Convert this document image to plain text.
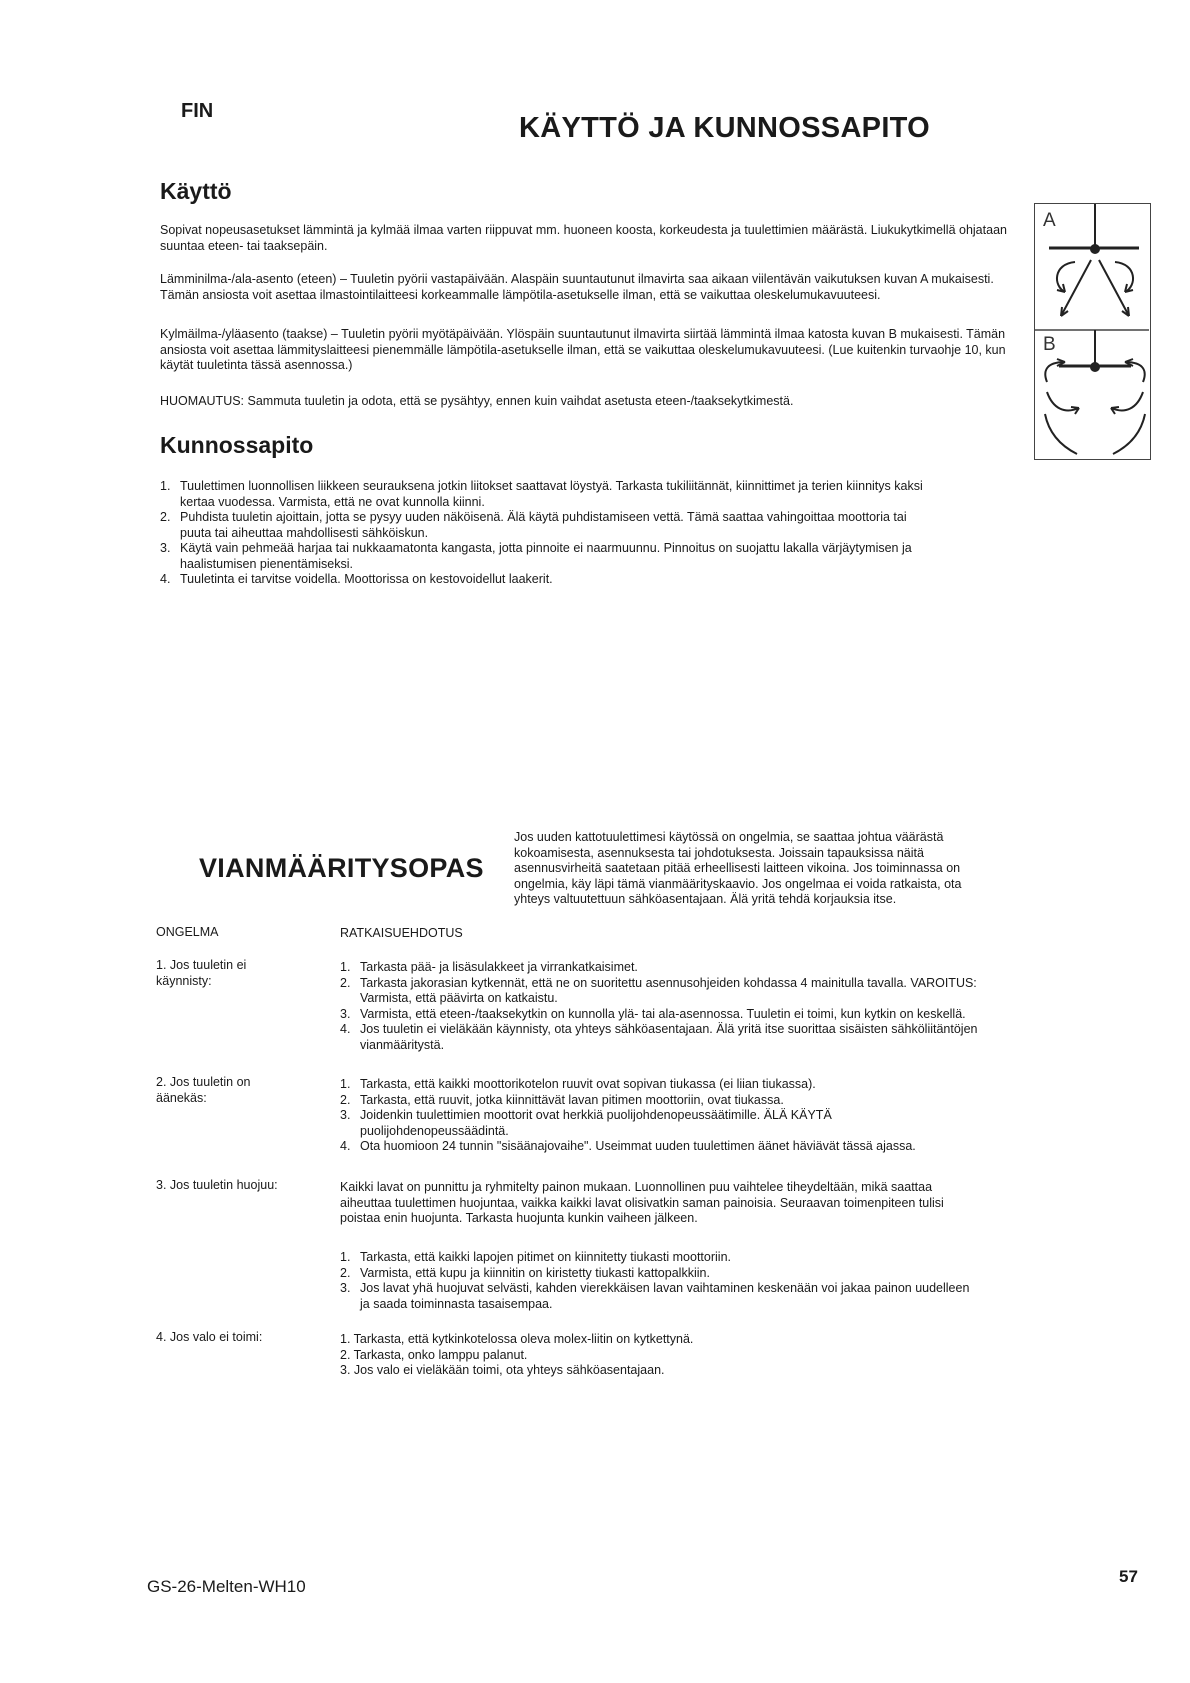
FIN
KÄYTTÖ JA KUNNOSSAPITO
Käyttö
Sopivat nopeusasetukset lämmintä ja kylmää ilmaa varten riippuvat mm. huoneen koosta, korkeudesta ja tuulettimien määrästä. Liukukytkimellä ohjataan suuntaa eteen- tai taaksepäin.
Lämminilma-/ala-asento (eteen) – Tuuletin pyörii vastapäivään. Alaspäin suuntautunut ilmavirta saa aikaan viilentävän vaikutuksen kuvan A mukaisesti. Tämän ansiosta voit asettaa ilmastointilaitteesi korkeammalle lämpötila-asetukselle ilman, että se vaikuttaa oleskelumukavuuteesi.
Kylmäilma-/yläasento (taakse) – Tuuletin pyörii myötäpäivään. Ylöspäin suuntautunut ilmavirta siirtää lämmintä ilmaa katosta kuvan B mukaisesti. Tämän ansiosta voit asettaa lämmityslaitteesi pienemmälle lämpötila-asetukselle ilman, että se vaikuttaa oleskelumukavuuteesi. (Lue kuitenkin turvaohje 10, kun käytät tuuletinta tässä asennossa.)
HUOMAUTUS: Sammuta tuuletin ja odota, että se pysähtyy, ennen kuin vaihdat asetusta eteen-/taaksekytkimestä.
A
B
Kunnossapito
1. Tuulettimen luonnollisen liikkeen seurauksena jotkin liitokset saattavat löystyä. Tarkasta tukiliitännät, kiinnittimet ja terien kiinnitys kaksi kertaa vuodessa. Varmista, että ne ovat kunnolla kiinni.
2. Puhdista tuuletin ajoittain, jotta se pysyy uuden näköisenä. Älä käytä puhdistamiseen vettä. Tämä saattaa vahingoittaa moottoria tai puuta tai aiheuttaa mahdollisesti sähköiskun.
3. Käytä vain pehmeää harjaa tai nukkaamatonta kangasta, jotta pinnoite ei naarmuunnu. Pinnoitus on suojattu lakalla värjäytymisen ja haalistumisen pienentämiseksi.
4. Tuuletinta ei tarvitse voidella. Moottorissa on kestovoidellut laakerit.
VIANMÄÄRITYSOPAS
Jos uuden kattotuulettimesi käytössä on ongelmia, se saattaa johtua väärästä kokoamisesta, asennuksesta tai johdotuksesta. Joissain tapauksissa näitä asennusvirheitä saatetaan pitää erheellisesti laitteen vikoina. Jos toiminnassa on ongelmia, käy läpi tämä vianmäärityskaavio. Jos ongelmaa ei voida ratkaista, ota yhteys valtuutettuun sähköasentajaan. Älä yritä tehdä korjauksia itse.
ONGELMA	RATKAISUEHDOTUS
1. Jos tuuletin ei käynnisty:
1. Tarkasta pää- ja lisäsulakkeet ja virrankatkaisimet.
2. Tarkasta jakorasian kytkennät, että ne on suoritettu asennusohjeiden kohdassa 4 mainitulla tavalla. VAROITUS: Varmista, että päävirta on katkaistu.
3. Varmista, että eteen-/taaksekytkin on kunnolla ylä- tai ala-asennossa. Tuuletin ei toimi, kun kytkin on keskellä.
4. Jos tuuletin ei vieläkään käynnisty, ota yhteys sähköasentajaan. Älä yritä itse suorittaa sisäisten sähköliitäntöjen vianmääritystä.
2. Jos tuuletin on äänekäs:
1. Tarkasta, että kaikki moottorikotelon ruuvit ovat sopivan tiukassa (ei liian tiukassa).
2. Tarkasta, että ruuvit, jotka kiinnittävät lavan pitimen moottoriin, ovat tiukassa.
3. Joidenkin tuulettimien moottorit ovat herkkiä puolijohdenopeussäätimille. ÄLÄ KÄYTÄ puolijohdenopeussäädintä.
4. Ota huomioon 24 tunnin "sisäänajovaihe". Useimmat uuden tuulettimen äänet häviävät tässä ajassa.
3. Jos tuuletin huojuu:	Kaikki lavat on punnittu ja ryhmitelty painon mukaan. Luonnollinen puu vaihtelee tiheydeltään, mikä saattaa aiheuttaa tuulettimen huojuntaa, vaikka kaikki lavat olisivatkin saman painoisia. Seuraavan toimenpiteen tulisi poistaa enin huojunta. Tarkasta huojunta kunkin vaiheen jälkeen.
1. Tarkasta, että kaikki lapojen pitimet on kiinnitetty tiukasti moottoriin.
2. Varmista, että kupu ja kiinnitin on kiristetty tiukasti kattopalkkiin.
3. Jos lavat yhä huojuvat selvästi, kahden vierekkäisen lavan vaihtaminen keskenään voi jakaa painon uudelleen ja saada toiminnasta tasaisempaa.
4. Jos valo ei toimi:	1. Tarkasta, että kytkinkotelossa oleva molex-liitin on kytkettynä.
2. Tarkasta, onko lamppu palanut.
3. Jos valo ei vieläkään toimi, ota yhteys sähköasentajaan.
GS-26-Melten-WH10
57
